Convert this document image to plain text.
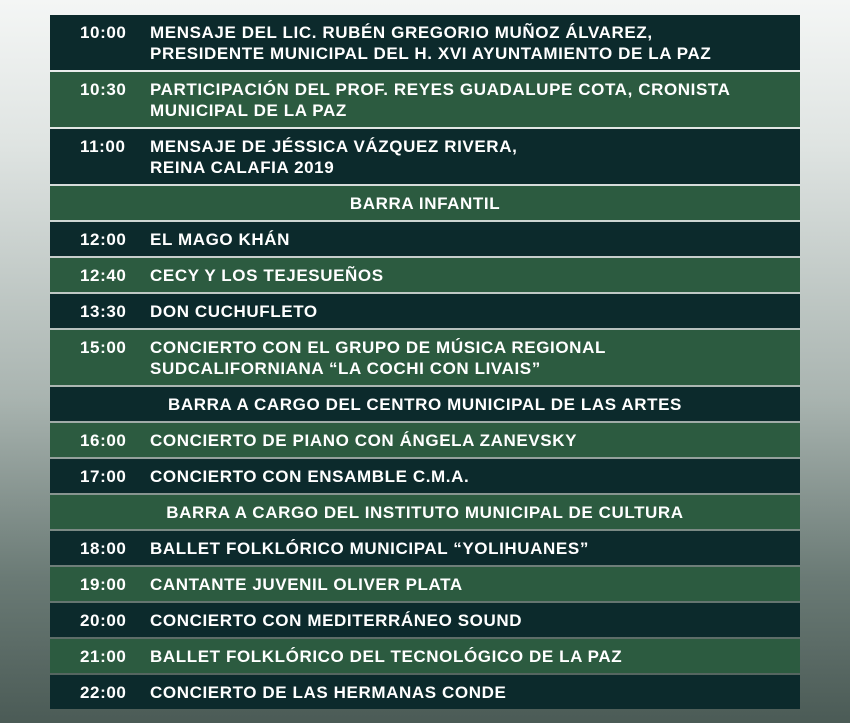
10:00	MENSAJE DEL LIC. RUBÉN GREGORIO MUÑOZ ÁLVAREZ,
PRESIDENTE MUNICIPAL DEL H. XVI AYUNTAMIENTO DE LA PAZ
10:30	PARTICIPACIÓN DEL PROF. REYES GUADALUPE COTA, CRONISTA
MUNICIPAL DE LA PAZ
11:00	MENSAJE DE JÉSSICA VÁZQUEZ RIVERA,
REINA CALAFIA 2019
BARRA INFANTIL
12:00	EL MAGO KHÁN
12:40	CECY Y LOS TEJESUEÑOS
13:30	DON CUCHUFLETO
15:00	CONCIERTO CON EL GRUPO DE MÚSICA REGIONAL
SUDCALIFORNIANA “LA COCHI CON LIVAIS”
BARRA A CARGO DEL CENTRO MUNICIPAL DE LAS ARTES
16:00	CONCIERTO DE PIANO CON ÁNGELA ZANEVSKY
17:00	CONCIERTO CON ENSAMBLE C.M.A.
BARRA A CARGO DEL INSTITUTO MUNICIPAL DE CULTURA
18:00	BALLET FOLKLÓRICO MUNICIPAL “YOLIHUANES”
19:00	CANTANTE JUVENIL OLIVER PLATA
20:00	CONCIERTO CON MEDITERRÁNEO SOUND
21:00	BALLET FOLKLÓRICO DEL TECNOLÓGICO DE LA PAZ
22:00	CONCIERTO DE LAS HERMANAS CONDE
